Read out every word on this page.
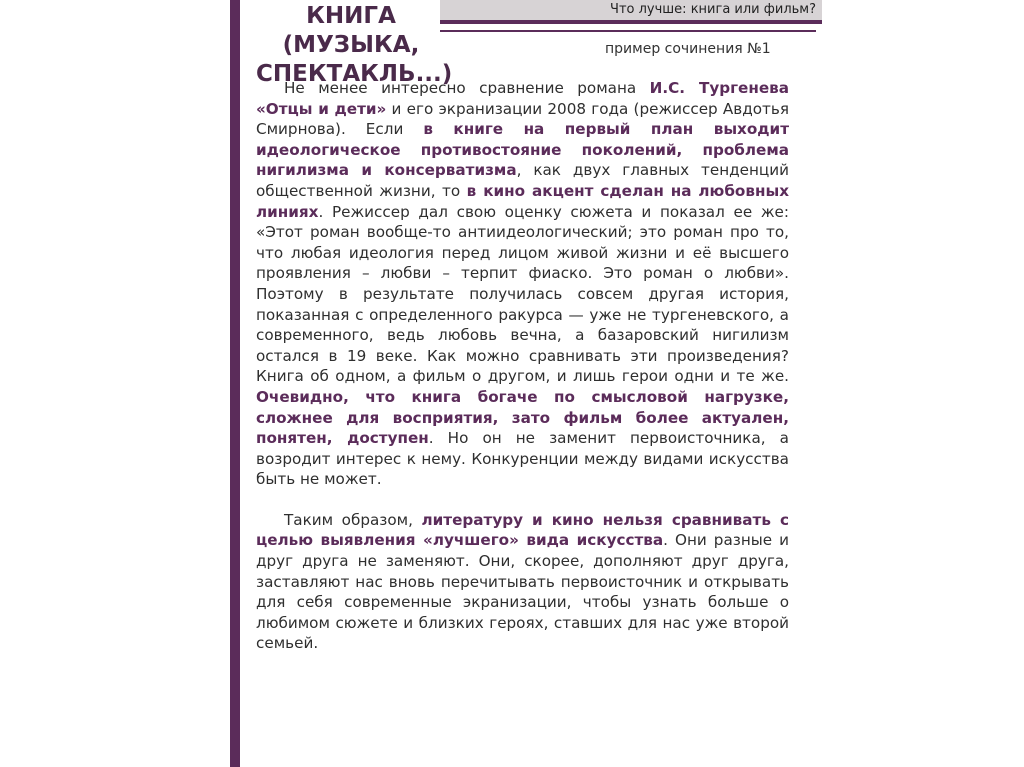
КНИГА (МУЗЫКА,
СПЕКТАКЛЬ...)
Что лучше: книга или фильм?
пример сочинения №1

Не менее интересно сравнение романа И.С. Тургенева «Отцы и дети» и его экранизации 2008 года (режиссер Авдотья Смирнова). Если в книге на первый план выходит идеологическое противостояние поколений, проблема нигилизма и консерватизма, как двух главных тенденций общественной жизни, то в кино акцент сделан на любовных линиях. Режиссер дал свою оценку сюжета и показал ее же: «Этот роман вообще-то антиидеологический; это роман про то, что любая идеология перед лицом живой жизни и её высшего проявления – любви – терпит фиаско. Это роман о любви». Поэтому в результате получилась совсем другая история, показанная с определенного ракурса — уже не тургеневского, а современного, ведь любовь вечна, а базаровский нигилизм остался в 19 веке. Как можно сравнивать эти произведения? Книга об одном, а фильм о другом, и лишь герои одни и те же. Очевидно, что книга богаче по смысловой нагрузке, сложнее для восприятия, зато фильм более актуален, понятен, доступен. Но он не заменит первоисточника, а возродит интерес к нему. Конкуренции между видами искусства быть не может.

Таким образом, литературу и кино нельзя сравнивать с целью выявления «лучшего» вида искусства. Они разные и друг друга не заменяют. Они, скорее, дополняют друг друга, заставляют нас вновь перечитывать первоисточник и открывать для себя современные экранизации, чтобы узнать больше о любимом сюжете и близких героях, ставших для нас уже второй семьей.
